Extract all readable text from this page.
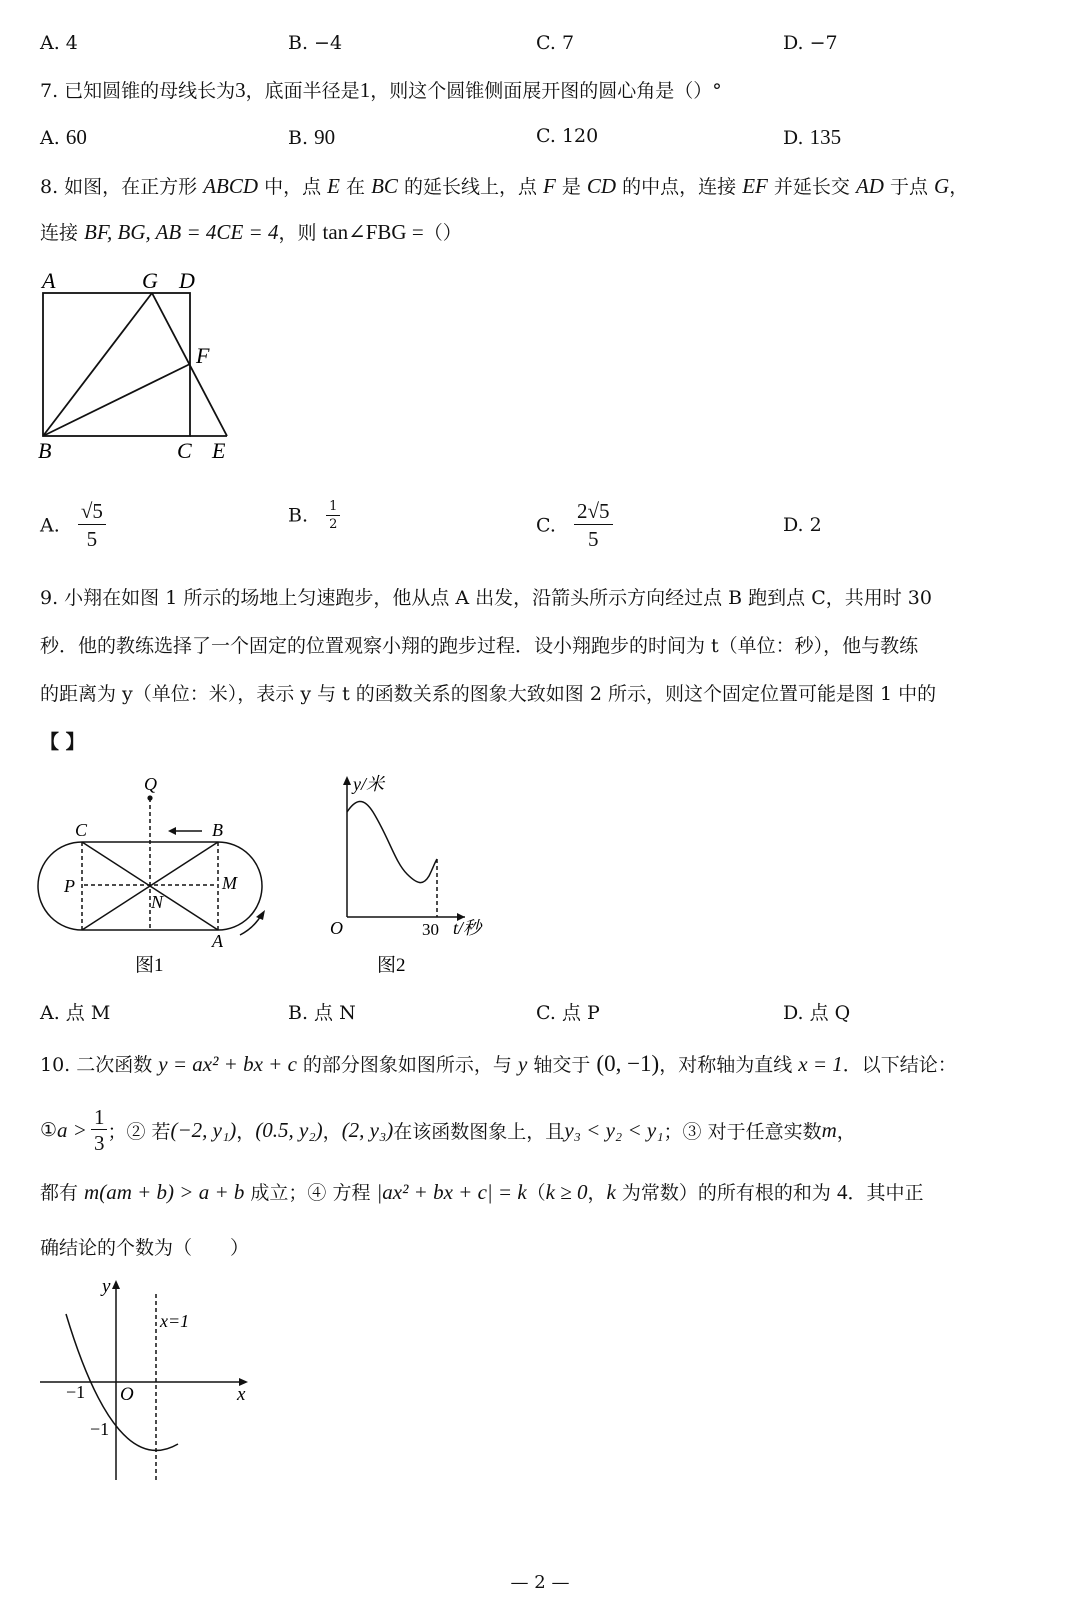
A. 4	B. −4	C. 7	D. −7
7. 已知圆锥的母线长为3，底面半径是1，则这个圆锥侧面展开图的圆心角是（）°
A. 60	B. 90	C. 120	D. 135
8. 如图，在正方形 ABCD 中，点 E 在 BC 的延长线上，点 F 是 CD 的中点，连接 EF 并延长交 AD 于点 G，
连接 BF, BG, AB = 4CE = 4，则 tan∠FBG =（）
A	G D
F
B	C E
A. $\frac{√5}{5}$	B. $\frac{1}{2}$	C. $\frac{2√5}{5}$	D. 2
9. 小翔在如图 1 所示的场地上匀速跑步，他从点 A 出发，沿箭头所示方向经过点 B 跑到点 C，共用时 30
秒．他的教练选择了一个固定的位置观察小翔的跑步过程．设小翔跑步的时间为 t（单位：秒），他与教练
的距离为 y（单位：米），表示 y 与 t 的函数关系的图象大致如图 2 所示，则这个固定位置可能是图 1 中的
【 】
Q
C	B
P	M
N
A
图1
y/米
O	30 t/秒
图2
A. 点 M	B. 点 N	C. 点 P	D. 点 Q
10. 二次函数 y = ax² + bx + c 的部分图象如图所示，与 y 轴交于 (0, −1)，对称轴为直线 x = 1．以下结论：
① $a > \frac{1}{3}$ ；② 若 (−2, y₁) ， (0.5, y₂) ， (2, y₃) 在该函数图象上，且 y₃ < y₂ < y₁ ；③ 对于任意实数 m ，
都有 m(am + b) > a + b 成立；④ 方程 |ax² + bx + c| = k（k ≥ 0，k 为常数）的所有根的和为 4．其中正
确结论的个数为（　　）
y
x
O
−1
−1
x=1
— 2 —
